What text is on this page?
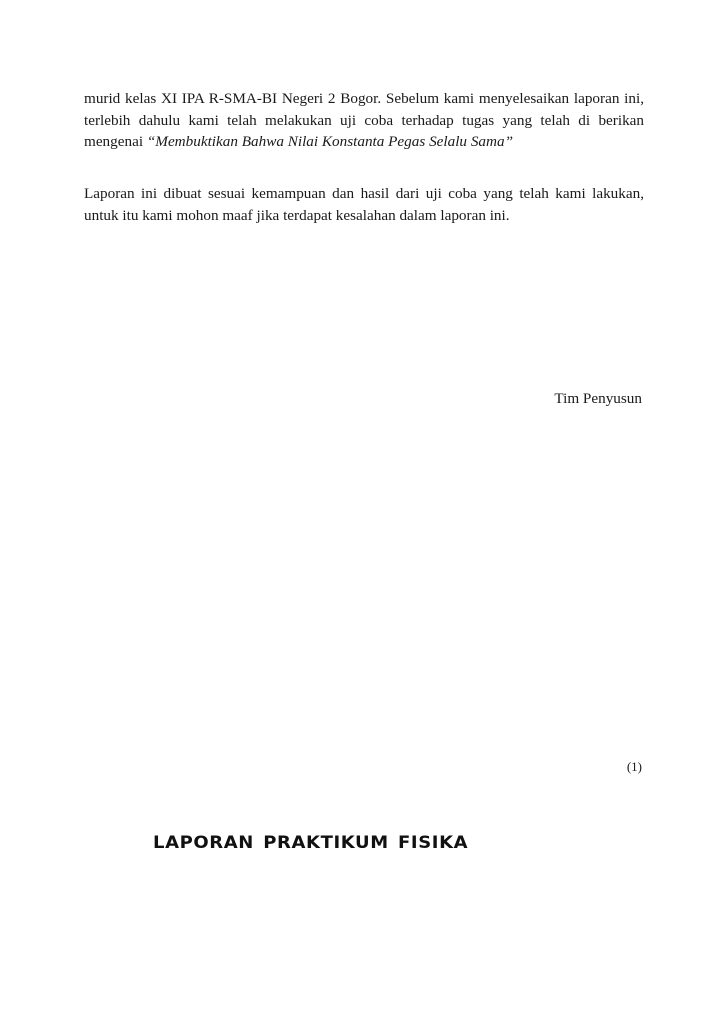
murid kelas XI IPA R-SMA-BI Negeri 2 Bogor. Sebelum kami menyelesaikan laporan ini, terlebih dahulu kami telah melakukan uji coba terhadap tugas yang telah di berikan mengenai “Membuktikan Bahwa Nilai Konstanta Pegas Selalu Sama”

Laporan ini dibuat sesuai kemampuan dan hasil dari uji coba yang telah kami lakukan, untuk itu kami mohon maaf jika terdapat kesalahan dalam laporan ini.

Tim Penyusun
(1)
laporan praktikum fisika
